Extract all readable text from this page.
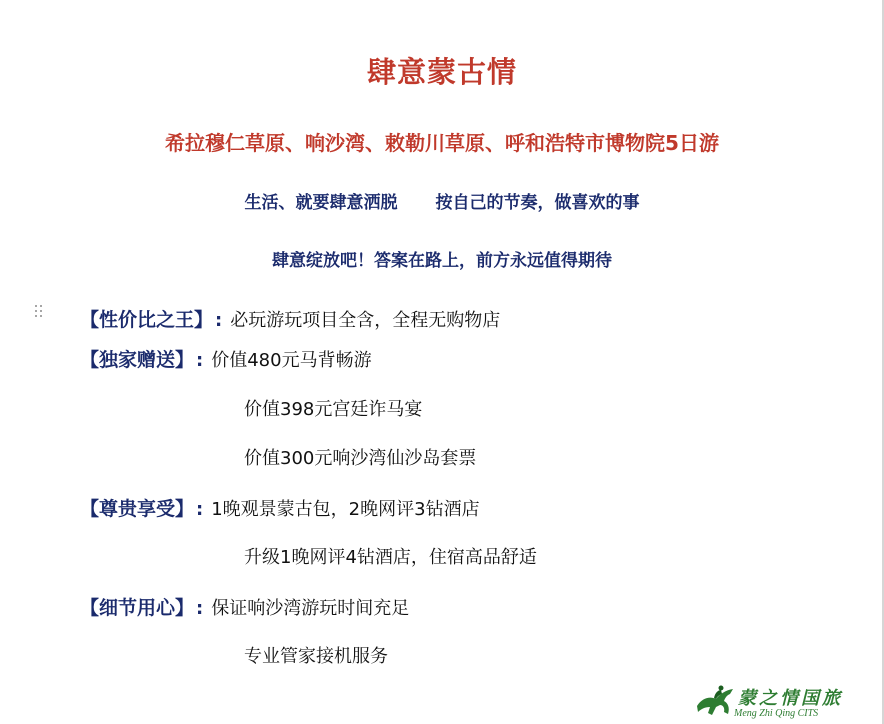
肆意蒙古情
希拉穆仁草原、响沙湾、敕勒川草原、呼和浩特市博物院5日游
生活、就要肆意洒脱 按自己的节奏，做喜欢的事
肆意绽放吧！答案在路上，前方永远值得期待
【性价比之王】 : 必玩游玩项目全含，全程无购物店
【独家赠送】 : 价值480元马背畅游
价值398元宫廷诈马宴
价值300元响沙湾仙沙岛套票
【尊贵享受】 : 1晚观景蒙古包，2晚网评3钻酒店
升级1晚网评4钻酒店，住宿高品舒适
【细节用心】 : 保证响沙湾游玩时间充足
专业管家接机服务
蒙之情国旅
Meng Zhi Qing CITS
